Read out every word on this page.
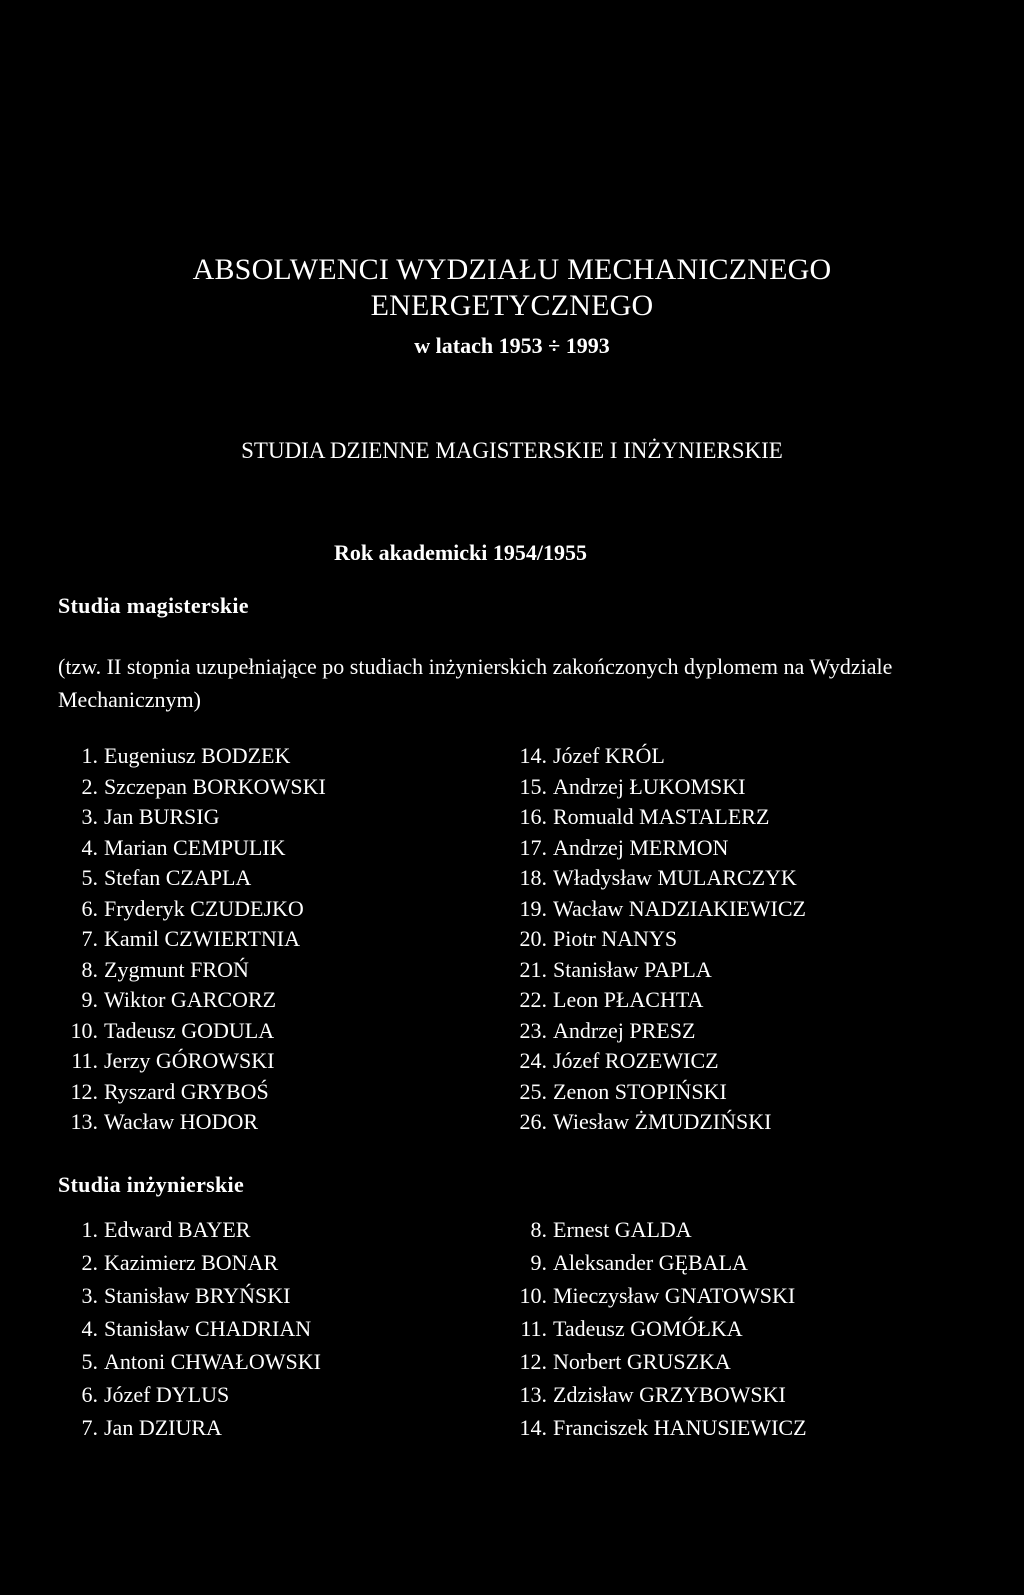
ABSOLWENCI WYDZIAŁU MECHANICZNEGO
ENERGETYCZNEGO
w latach 1953 ÷ 1993
STUDIA DZIENNE MAGISTERSKIE I INŻYNIERSKIE
Rok akademicki 1954/1955
Studia magisterskie
(tzw. II stopnia uzupełniające po studiach inżynierskich zakończonych dyplomem na Wydziale Mechanicznym)
1. Eugeniusz BODZEK
2. Szczepan BORKOWSKI
3. Jan BURSIG
4. Marian CEMPULIK
5. Stefan CZAPLA
6. Fryderyk CZUDEJKO
7. Kamil CZWIERTNIA
8. Zygmunt FROŃ
9. Wiktor GARCORZ
10. Tadeusz GODULA
11. Jerzy GÓROWSKI
12. Ryszard GRYBOŚ
13. Wacław HODOR
14. Józef KRÓL
15. Andrzej ŁUKOMSKI
16. Romuald MASTALERZ
17. Andrzej MERMON
18. Władysław MULARCZYK
19. Wacław NADZIAKIEWICZ
20. Piotr NANYS
21. Stanisław PAPLA
22. Leon PŁACHTA
23. Andrzej PRESZ
24. Józef ROZEWICZ
25. Zenon STOPIŃSKI
26. Wiesław ŻMUDZIŃSKI
Studia inżynierskie
1. Edward BAYER
2. Kazimierz BONAR
3. Stanisław BRYŃSKI
4. Stanisław CHADRIAN
5. Antoni CHWAŁOWSKI
6. Józef DYLUS
7. Jan DZIURA
8. Ernest GALDA
9. Aleksander GĘBALA
10. Mieczysław GNATOWSKI
11. Tadeusz GOMÓŁKA
12. Norbert GRUSZKA
13. Zdzisław GRZYBOWSKI
14. Franciszek HANUSIEWICZ
